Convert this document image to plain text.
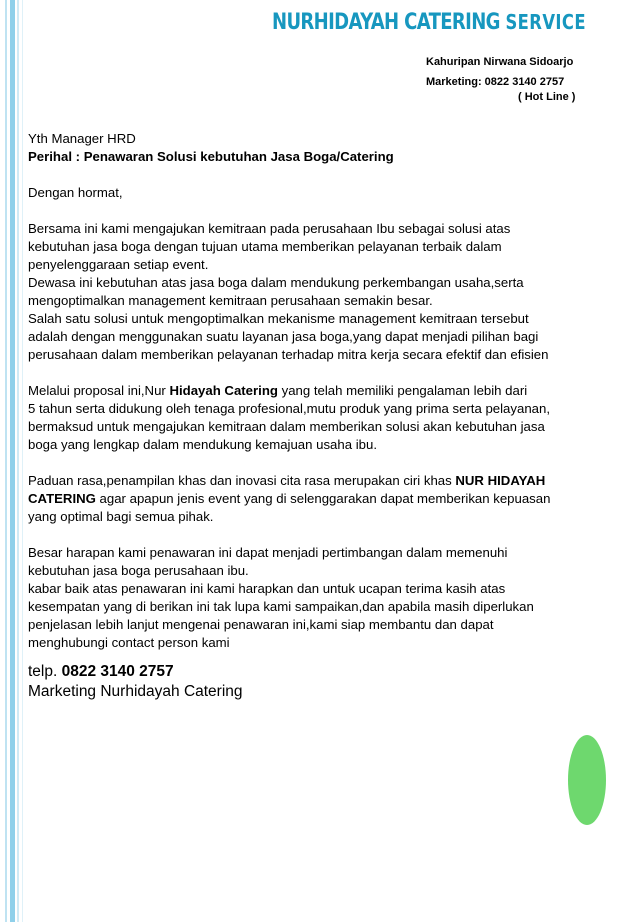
NURHIDAYAH CATERING SERVICE
Kahuripan Nirwana Sidoarjo
Marketing: 0822 3140 2757
( Hot Line )
Yth Manager HRD
Perihal : Penawaran Solusi kebutuhan Jasa Boga/Catering
Dengan hormat,
Bersama ini kami mengajukan kemitraan pada perusahaan Ibu sebagai solusi atas
kebutuhan jasa boga dengan tujuan utama memberikan pelayanan terbaik dalam
penyelenggaraan setiap event.
Dewasa ini kebutuhan atas jasa boga dalam mendukung perkembangan usaha,serta
mengoptimalkan management kemitraan perusahaan semakin besar.
Salah satu solusi untuk mengoptimalkan mekanisme management kemitraan tersebut
adalah dengan menggunakan suatu layanan jasa boga,yang dapat menjadi pilihan bagi
perusahaan dalam memberikan pelayanan terhadap mitra kerja secara efektif dan efisien
Melalui proposal ini,Nur Hidayah Catering yang telah memiliki pengalaman lebih dari
5 tahun serta didukung oleh tenaga profesional,mutu produk yang prima serta pelayanan,
bermaksud untuk mengajukan kemitraan dalam memberikan solusi akan kebutuhan jasa
boga yang lengkap dalam mendukung kemajuan usaha ibu.
Paduan rasa,penampilan khas dan inovasi cita rasa merupakan ciri khas NUR HIDAYAH
CATERING agar apapun jenis event yang di selenggarakan dapat memberikan kepuasan
yang optimal bagi semua pihak.
Besar harapan kami penawaran ini dapat menjadi pertimbangan dalam memenuhi
kebutuhan jasa boga perusahaan ibu.
kabar baik atas penawaran ini kami harapkan dan untuk ucapan terima kasih atas
kesempatan yang di berikan ini tak lupa kami sampaikan,dan apabila masih diperlukan
penjelasan lebih lanjut mengenai penawaran ini,kami siap membantu dan dapat
menghubungi contact person kami
telp. 0822 3140 2757
Marketing Nurhidayah Catering
